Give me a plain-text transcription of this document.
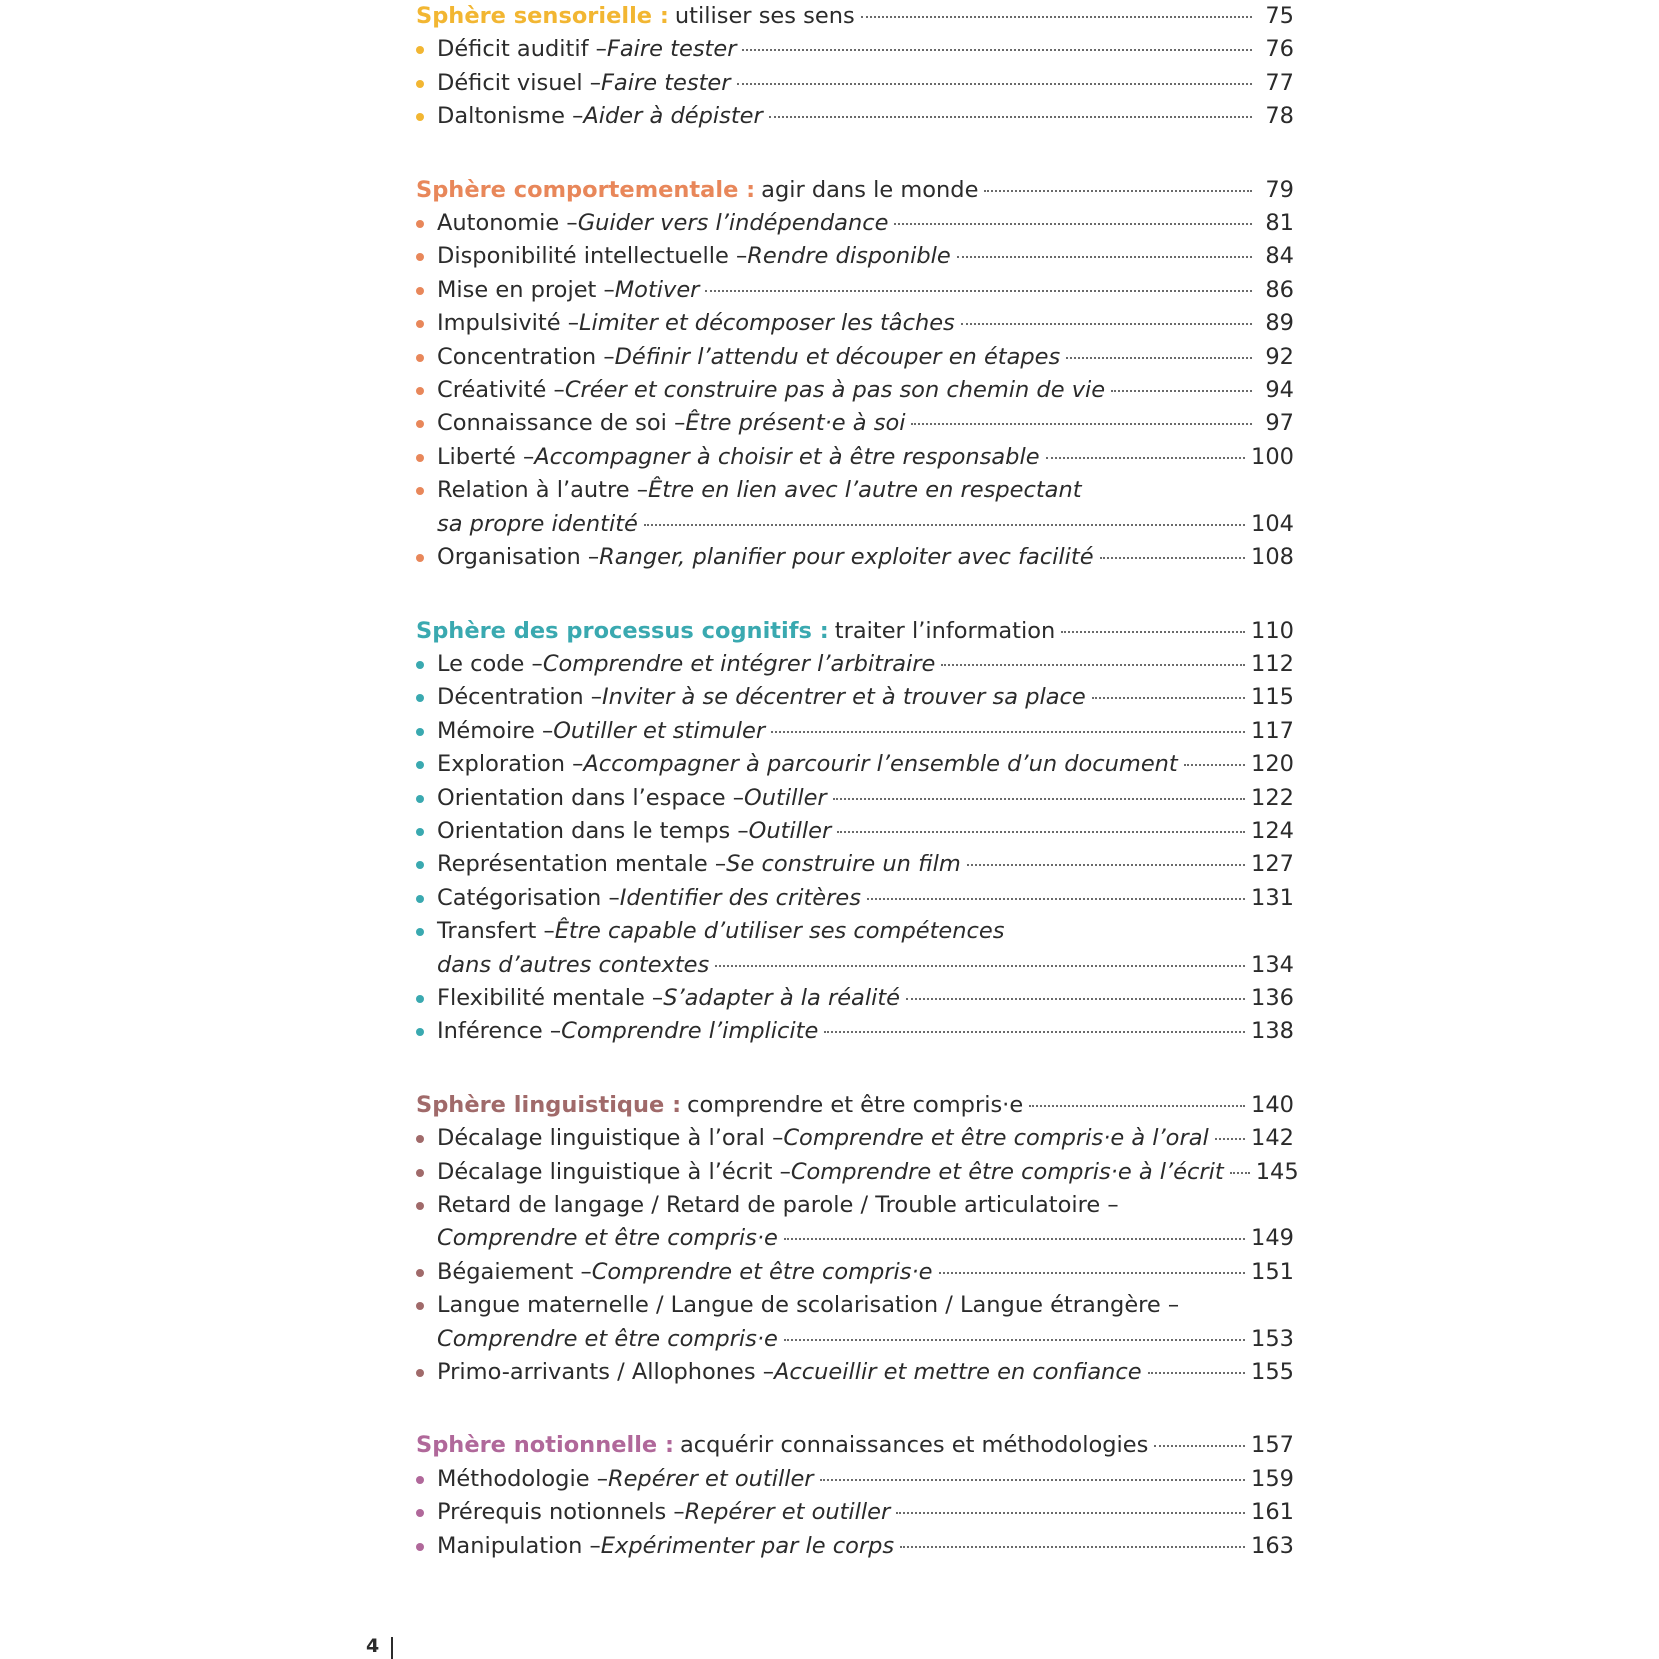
Sphère sensorielle : utiliser ses sens	75
Déficit auditif – Faire tester	76
Déficit visuel – Faire tester	77
Daltonisme – Aider à dépister	78
Sphère comportementale : agir dans le monde	79
Autonomie – Guider vers l’indépendance	81
Disponibilité intellectuelle – Rendre disponible	84
Mise en projet – Motiver	86
Impulsivité – Limiter et décomposer les tâches	89
Concentration – Définir l’attendu et découper en étapes	92
Créativité – Créer et construire pas à pas son chemin de vie	94
Connaissance de soi – Être présent·e à soi	97
Liberté – Accompagner à choisir et à être responsable	100
Relation à l’autre – Être en lien avec l’autre en respectant
sa propre identité	104
Organisation – Ranger, planifier pour exploiter avec facilité	108
Sphère des processus cognitifs : traiter l’information	110
Le code – Comprendre et intégrer l’arbitraire	112
Décentration – Inviter à se décentrer et à trouver sa place	115
Mémoire – Outiller et stimuler	117
Exploration – Accompagner à parcourir l’ensemble d’un document	120
Orientation dans l’espace – Outiller	122
Orientation dans le temps – Outiller	124
Représentation mentale – Se construire un film	127
Catégorisation – Identifier des critères	131
Transfert – Être capable d’utiliser ses compétences
dans d’autres contextes	134
Flexibilité mentale – S’adapter à la réalité	136
Inférence – Comprendre l’implicite	138
Sphère linguistique : comprendre et être compris·e	140
Décalage linguistique à l’oral – Comprendre et être compris·e à l’oral 142
Décalage linguistique à l’écrit – Comprendre et être compris·e à l’écrit 145
Retard de langage / Retard de parole / Trouble articulatoire –
Comprendre et être compris·e	149
Bégaiement – Comprendre et être compris·e	151
Langue maternelle / Langue de scolarisation / Langue étrangère –
Comprendre et être compris·e	153
Primo-arrivants / Allophones – Accueillir et mettre en confiance	155
Sphère notionnelle : acquérir connaissances et méthodologies	157
Méthodologie – Repérer et outiller	159
Prérequis notionnels – Repérer et outiller	161
Manipulation – Expérimenter par le corps	163
4
